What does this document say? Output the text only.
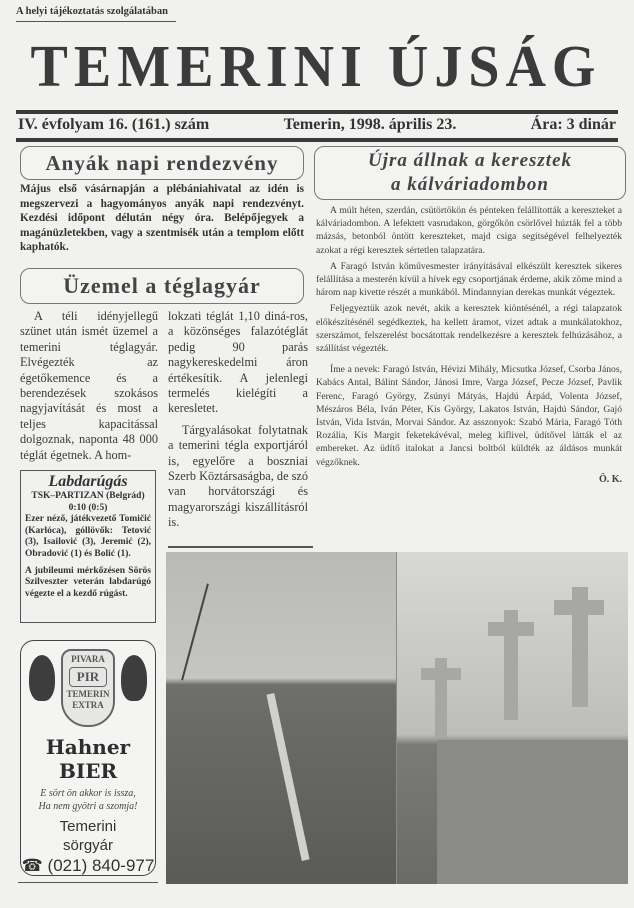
A helyi tájékoztatás szolgálatában
TEMERINI ÚJSÁG
IV. évfolyam 16. (161.) szám	Temerin, 1998. április 23.	Ára: 3 dinár
Anyák napi rendezvény
Május első vásárnapján a plébániahivatal az idén is megszervezi a hagyományos anyák napi rendezvényt. Kezdési időpont délután négy óra. Belépőjegyek a magánüzletekben, vagy a szentmisék után a templom előtt kaphatók.
Üzemel a téglagyár

A téli idényjellegű szünet után ismét üzemel a temerini téglagyár. Elvégezték az égetőkemence és a berendezések szokásos nagyjavítását és most a teljes kapacitással dolgoznak, naponta 48 000 téglát égetnek. A hom-

lokzati téglát 1,10 diná-ros, a közönséges falazótéglát pedig 90 parás nagykereskedelmi áron értékesítik. A jelenlegi termelés kielégíti a keresletet.

Tárgyalásokat folytatnak a temerini tégla exportjáról is, egyelőre a boszniai Szerb Köztársaságba, de szó van horvátországi és magyarországi kiszállításról is.

Labdarúgás
TSK–PARTIZAN (Belgrád)
0:10 (0:5)

Ezer néző, játékvezető Tomičić (Karlóca), góllövők: Tetović (3), Isailović (3), Jeremić (2), Obradović (1) és Bolić (1).

A jubileumi mérkőzésen Sörös Szilveszter veterán labdarúgó végezte el a kezdő rúgást.

PIVARA
PIR
TEMERIN
EXTRA
Hahner BIER
E sört ön akkor is issza,
Ha nem gyötri a szomja!
Temerini
sörgyár
☎ (021) 840-977
Újra állnak a keresztek
a kálváriadombon

A múlt héten, szerdán, csütörtökön és pénteken felállították a kereszteket a kálváriadombon. A lefektett vasrudakon, görgőkön csörlővel húzták fel a több mázsás, betonból öntött kereszteket, majd csiga segítségével felhelyezték azokat a régi keresztek sértetlen talapzatára.

A Faragó István kőművesmester irányításával elkészült keresztek sikeres felállítása a mesterén kívül a hívek egy csoportjának érdeme, akik zöme mind a három nap kivette részét a munkából. Mindannyian derekas munkát végeztek.

Feljegyeztük azok nevét, akik a keresztek kiöntésénél, a régi talapzatok előkészítésénél segédkeztek, ha kellett áramot, vizet adtak a munkálatokhoz, szerszámot, felszerelést bocsátottak rendelkezésre a keresztek felhúzásához, a szállítást végezték.

Íme a nevek: Faragó István, Hévizi Mihály, Micsutka József, Csorba János, Kabács Antal, Bálint Sándor, Jánosi Imre, Varga József, Pecze József, Pavlik Ferenc, Faragó György, Zsúnyi Mátyás, Hajdú Árpád, Volenta József, Mészáros Béla, Iván Péter, Kis György, Lakatos István, Hajdú Sándor, Gajó István, Vida István, Morvai Sándor. Az asszonyok: Szabó Mária, Faragó Tóth Rozália, Kis Margit feketekávéval, meleg kiflivel, üdítővel látták el az embereket. Az üdítő italokat a Jancsi boltból küldték az áldásos munkát végzőknek.

Ö. K.
